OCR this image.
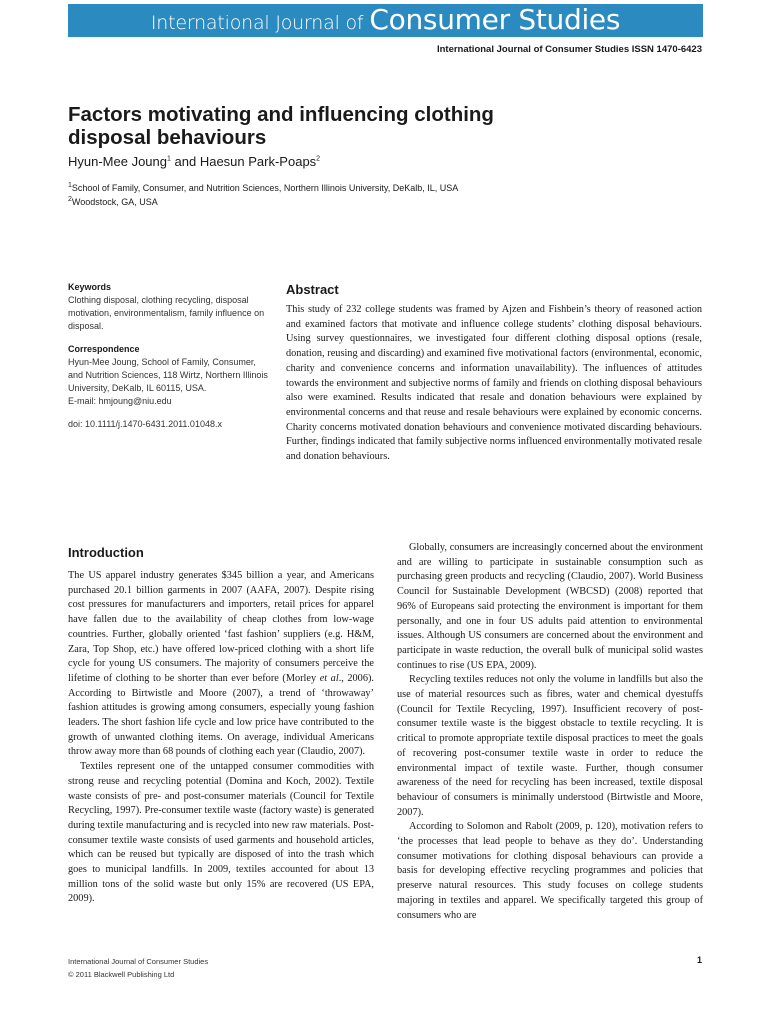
International Journal of Consumer Studies
International Journal of Consumer Studies ISSN 1470-6423
Factors motivating and influencing clothing disposal behaviours
Hyun-Mee Joung$^1$ and Haesun Park-Poaps$^2$
$^1$School of Family, Consumer, and Nutrition Sciences, Northern Illinois University, DeKalb, IL, USA
$^2$Woodstock, GA, USA
Keywords
Clothing disposal, clothing recycling, disposal motivation, environmentalism, family influence on disposal.
Correspondence
Hyun-Mee Joung, School of Family, Consumer, and Nutrition Sciences, 118 Wirtz, Northern Illinois University, DeKalb, IL 60115, USA.
E-mail: hmjoung@niu.edu
doi: 10.1111/j.1470-6431.2011.01048.x
Abstract
This study of 232 college students was framed by Ajzen and Fishbein’s theory of reasoned action and examined factors that motivate and influence college students’ clothing disposal behaviours. Using survey questionnaires, we investigated four different clothing disposal options (resale, donation, reusing and discarding) and examined five motivational factors (environmental, economic, charity and convenience concerns and information unavailability). The influences of attitudes towards the environment and subjective norms of family and friends on clothing disposal behaviours also were examined. Results indicated that resale and donation behaviours were explained by environmental concerns and that reuse and resale behaviours were explained by economic concerns. Charity concerns motivated donation behaviours and convenience motivated discarding behaviours. Further, findings indicated that family subjective norms influenced environmentally motivated resale and donation behaviours.
Introduction

The US apparel industry generates $345 billion a year, and Americans purchased 20.1 billion garments in 2007 (AAFA, 2007). Despite rising cost pressures for manufacturers and importers, retail prices for apparel have fallen due to the availability of cheap clothes from low-wage countries. Further, globally oriented ‘fast fashion’ suppliers (e.g. H&M, Zara, Top Shop, etc.) have offered low-priced clothing with a short life cycle for young US consumers. The majority of consumers perceive the lifetime of clothing to be shorter than ever before (Morley et al., 2006). According to Birtwistle and Moore (2007), a trend of ‘throwaway’ fashion attitudes is growing among consumers, especially young fashion leaders. The short fashion life cycle and low price have contributed to the growth of unwanted clothing items. On average, individual Americans throw away more than 68 pounds of clothing each year (Claudio, 2007).

Textiles represent one of the untapped consumer commodities with strong reuse and recycling potential (Domina and Koch, 2002). Textile waste consists of pre- and post-consumer materials (Council for Textile Recycling, 1997). Pre-consumer textile waste (factory waste) is generated during textile manufacturing and is recycled into new raw materials. Post-consumer textile waste consists of used garments and household articles, which can be reused but typically are disposed of into the trash which goes to municipal landfills. In 2009, textiles accounted for about 13 million tons of the solid waste but only 15% are recovered (US EPA, 2009).

Globally, consumers are increasingly concerned about the environment and are willing to participate in sustainable consumption such as purchasing green products and recycling (Claudio, 2007). World Business Council for Sustainable Development (WBCSD) (2008) reported that 96% of Europeans said protecting the environment is important for them personally, and one in four US adults paid attention to environmental issues. Although US consumers are concerned about the environment and participate in waste reduction, the overall bulk of municipal solid wastes continues to rise (US EPA, 2009).

Recycling textiles reduces not only the volume in landfills but also the use of material resources such as fibres, water and chemical dyestuffs (Council for Textile Recycling, 1997). Insufficient recovery of post-consumer textile waste is the biggest obstacle to textile recycling. It is critical to promote appropriate textile disposal practices to meet the goals of recovering post-consumer textile waste in order to reduce the environmental impact of textile waste. Further, though consumer awareness of the need for recycling has been increased, textile disposal behaviour of consumers is minimally understood (Birtwistle and Moore, 2007).

According to Solomon and Rabolt (2009, p. 120), motivation refers to ‘the processes that lead people to behave as they do’. Understanding consumer motivations for clothing disposal behaviours can provide a basis for developing effective recycling programmes and policies that preserve natural resources. This study focuses on college students majoring in textiles and apparel. We specifically targeted this group of consumers who are

International Journal of Consumer Studies
© 2011 Blackwell Publishing Ltd
1
